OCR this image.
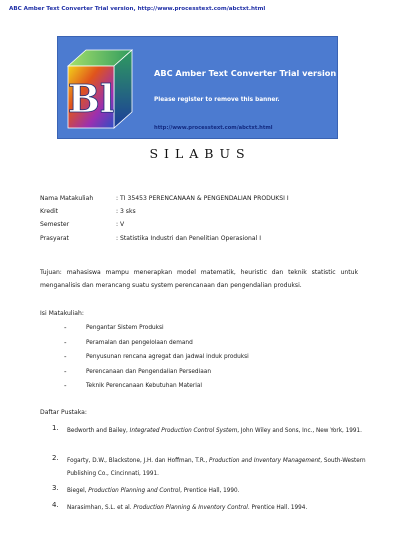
ABC Amber Text Converter Trial version, http://www.processtext.com/abctxt.html
Bl
ABC Amber Text Converter Trial version
Please register to remove this banner.
http://www.processtext.com/abctxt.html
SILABUS
Nama Matakuliah	: TI 35453 PERENCANAAN & PENGENDALIAN PRODUKSI I
Kredit	: 3 sks
Semester	: V
Prasyarat	: Statistika Industri dan Penelitian Operasional I
Tujuan: mahasiswa mampu menerapkan model matematik, heuristic dan teknik statistic untuk menganalisis dan merancang suatu system perencanaan dan pengendalian produksi.
Isi Matakuliah:
-	Pengantar Sistem Produksi
-	Peramalan dan pengelolaan demand
-	Penyusunan rencana agregat dan jadwal induk produksi
-	Perencanaan dan Pengendalian Persediaan
-	Teknik Perencanaan Kebutuhan Material
Daftar Pustaka:
1. Bedworth and Bailey, Integrated Production Control System, John Wiley and Sons, Inc., New York, 1991.
2. Fogarty, D.W., Blackstone, J.H. dan Hoffman, T.R., Production and Inventory Management, South-Western Publishing Co., Cincinnati, 1991.
3. Biegel, Production Planning and Control, Prentice Hall, 1990.
4. Narasimhan, S.L. et al. Production Planning & Inventory Control. Prentice Hall. 1994.
